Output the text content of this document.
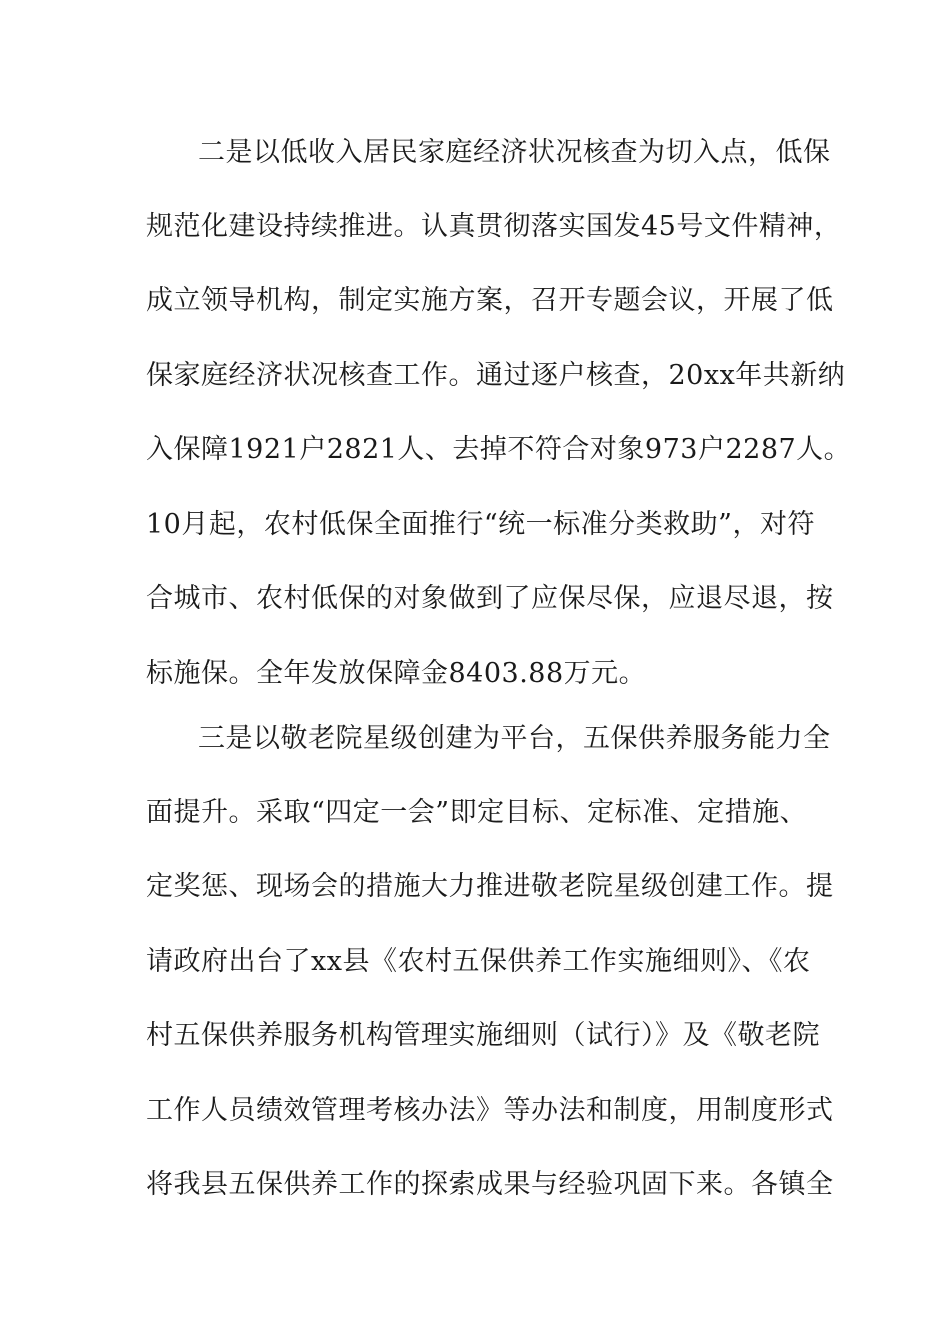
二是以低收入居民家庭经济状况核查为切入点，低保
规范化建设持续推进。认真贯彻落实国发45号文件精神，
成立领导机构，制定实施方案，召开专题会议，开展了低
保家庭经济状况核查工作。通过逐户核查，20xx年共新纳
入保障1921户2821人、去掉不符合对象973户2287人。
10月起，农村低保全面推行“统一标准分类救助”，对符
合城市、农村低保的对象做到了应保尽保，应退尽退，按
标施保。全年发放保障金8403.88万元。
三是以敬老院星级创建为平台，五保供养服务能力全
面提升。采取“四定一会”即定目标、定标准、定措施、
定奖惩、现场会的措施大力推进敬老院星级创建工作。提
请政府出台了xx县《农村五保供养工作实施细则》、《农
村五保供养服务机构管理实施细则（试行）》及《敬老院
工作人员绩效管理考核办法》等办法和制度，用制度形式
将我县五保供养工作的探索成果与经验巩固下来。各镇全
